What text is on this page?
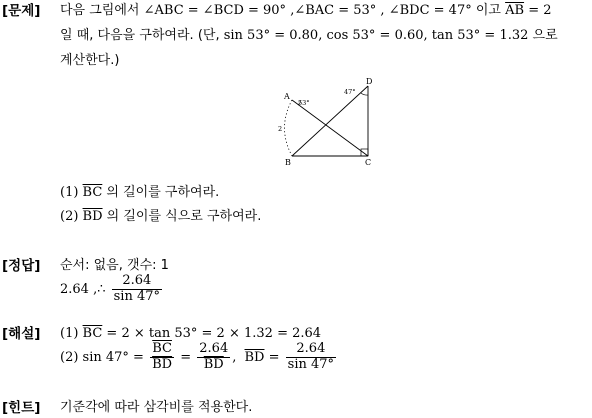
[문제] 다음 그림에서 ∠ABC = ∠BCD = 90° ,∠BAC = 53° , ∠BDC = 47° 이고 $\overline{AB} = 2$
일 때, 다음을 구하여라. (단, sin 53° = 0.80, cos 53° = 0.60, tan 53° = 1.32 으로
계산한다.)
A
B	C
D
53°
47°
2
(1) $\overline{BC}$ 의 길이를 구하여라.
(2) $\overline{BD}$ 의 길이를 식으로 구하여라.
[정답] 순서: 없음, 갯수: 1
2.64 ,∴ $\frac{2.64}{\sin 47^\circ}$
[해설] (1) $\overline{BC} = 2 \times \tan 53^\circ = 2 \times 1.32 = 2.64$
(2) $\sin 47^\circ = \frac{\overline{BC}}{BD} = \frac{2.64}{BD}$ , $\overline{BD} = \frac{2.64}{\sin 47^\circ}$
[힌트] 기준각에 따라 삼각비를 적용한다.
